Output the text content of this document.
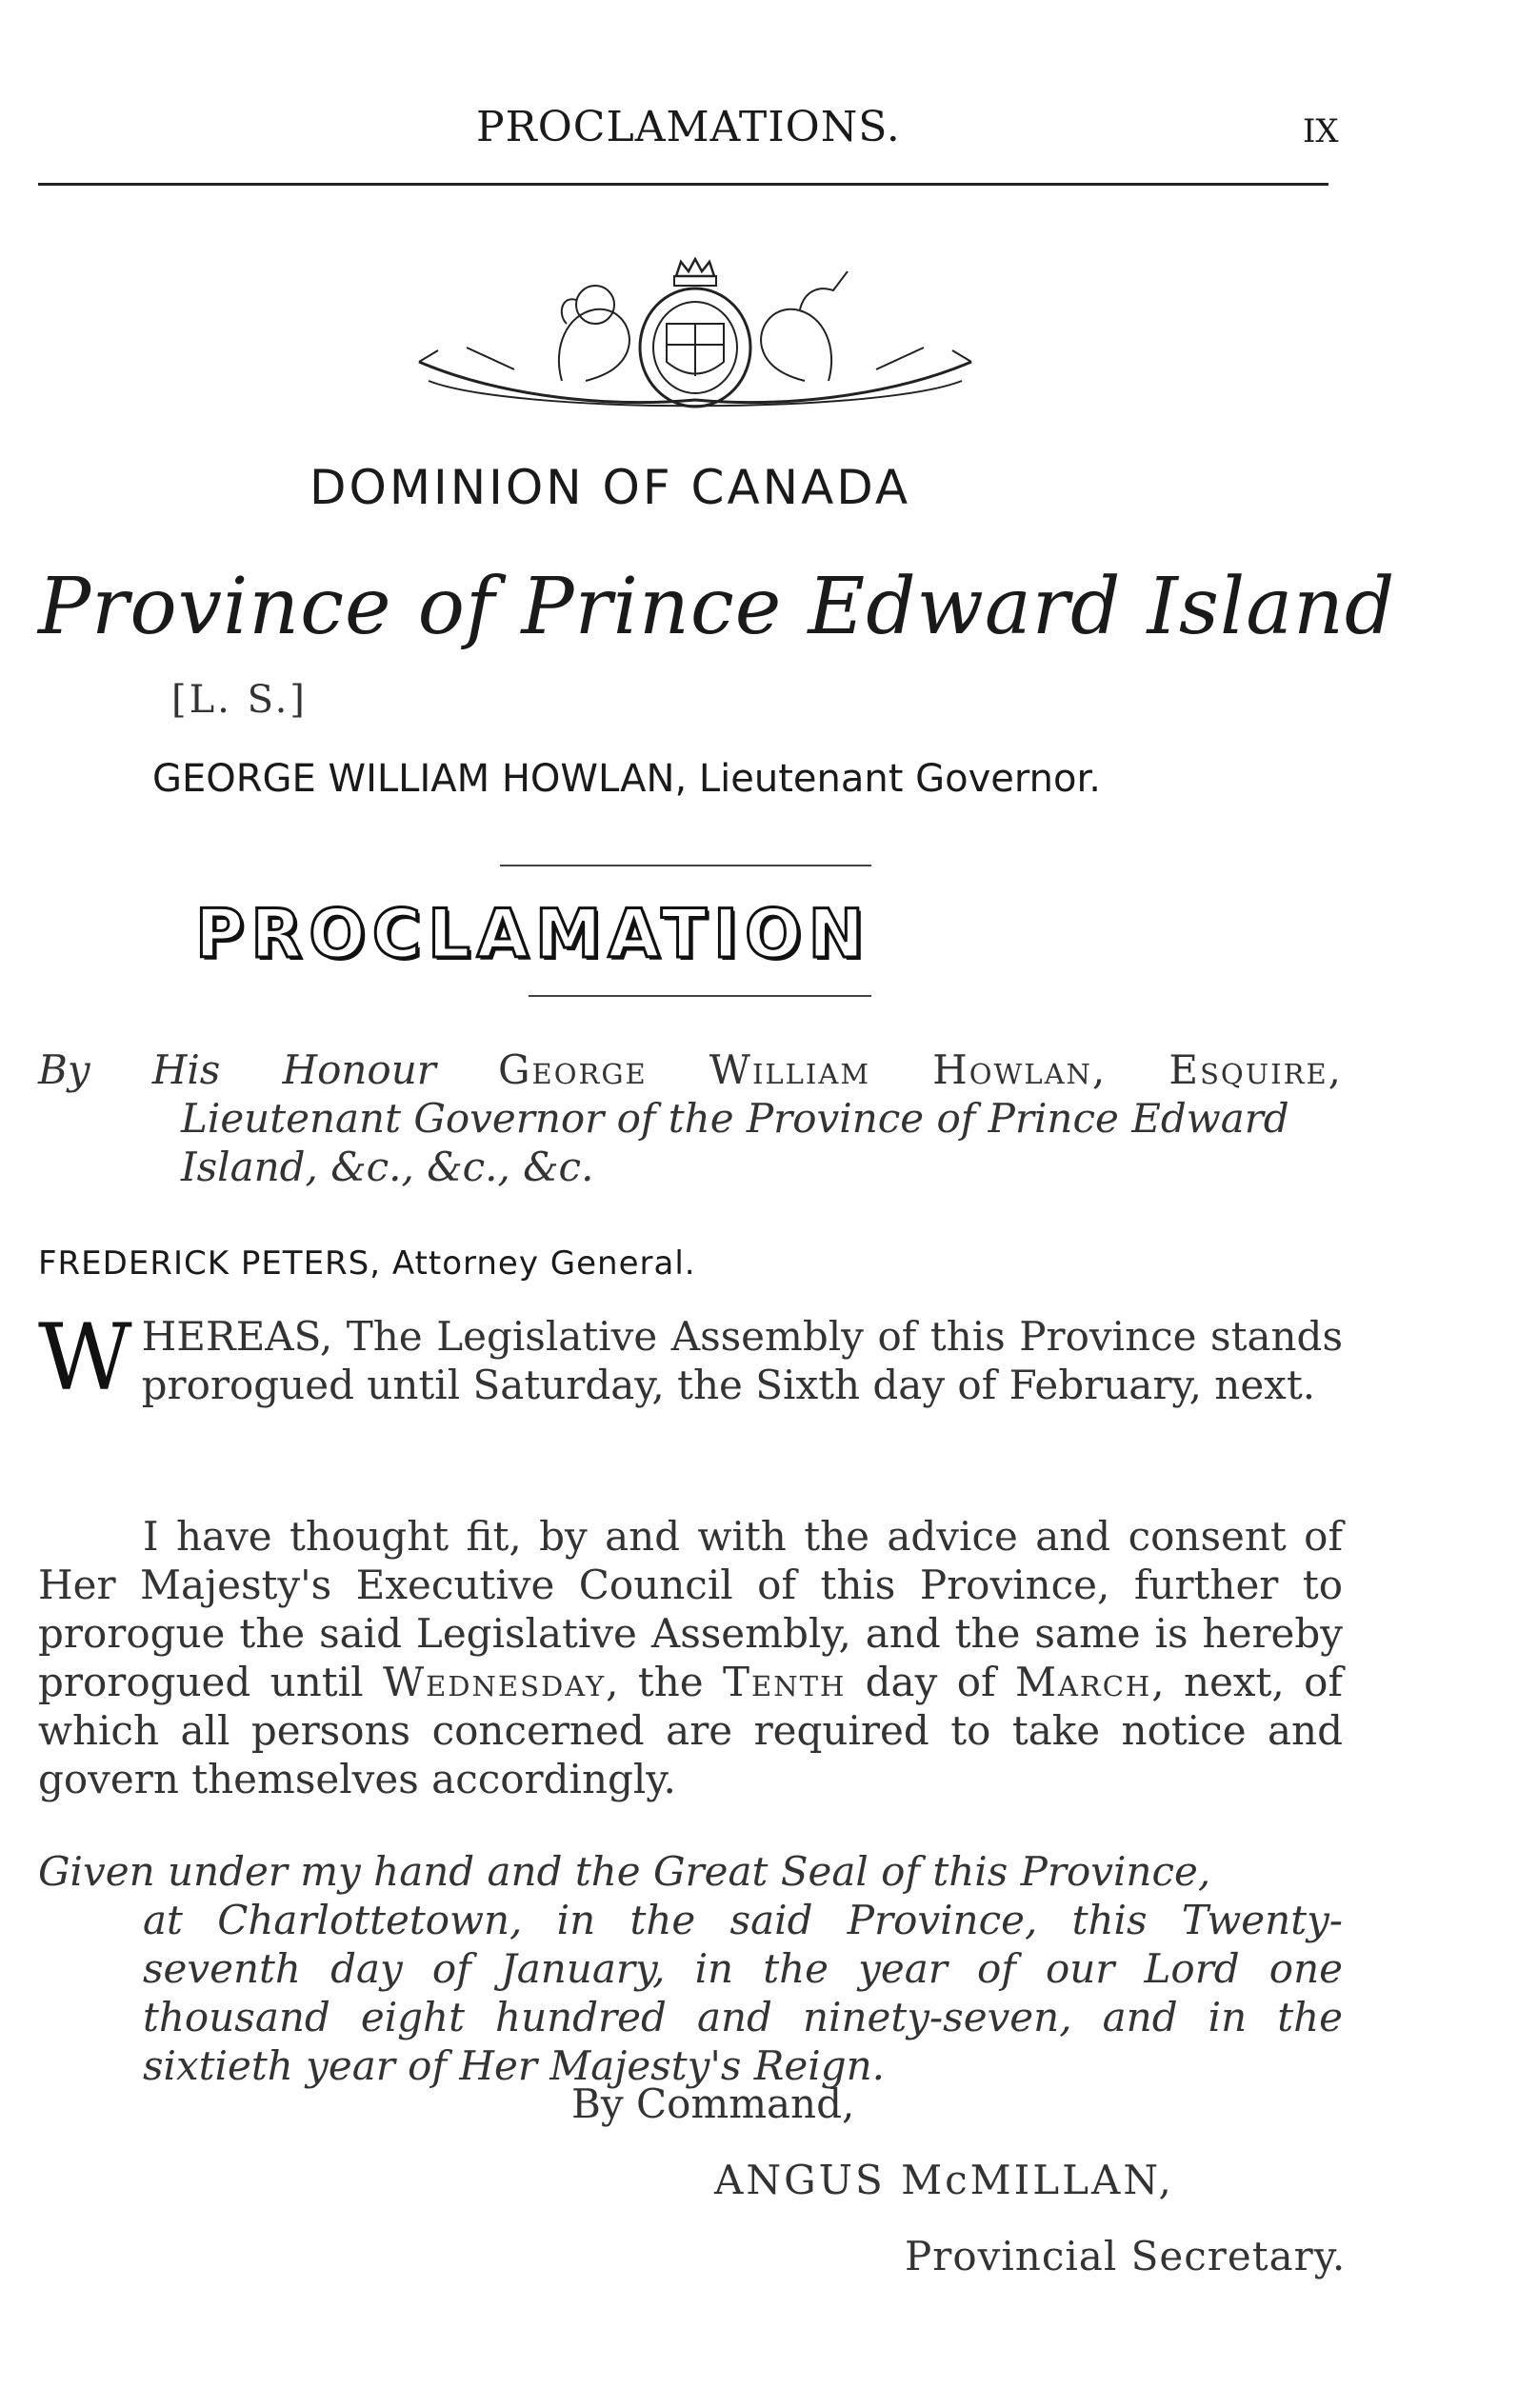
PROCLAMATIONS.	IX
DOMINION OF CANADA
Province of Prince Edward Island
[L. S.]
GEORGE WILLIAM HOWLAN, Lieutenant Governor.
PROCLAMATION
By His Honour George William Howlan, Esquire,
Lieutenant Governor of the Province of Prince Edward
Island, &c., &c., &c.
FREDERICK PETERS, Attorney General.
WHEREAS, The Legislative Assembly of this Province stands prorogued until Saturday, the Sixth day of February, next.
I have thought fit, by and with the advice and consent of Her Majesty's Executive Council of this Province, further to prorogue the said Legislative Assembly, and the same is hereby prorogued until Wednesday, the Tenth day of March, next, of which all persons concerned are required to take notice and govern themselves accordingly.
Given under my hand and the Great Seal of this Province,
at Charlottetown, in the said Province, this Twenty-seventh day of January, in the year of our Lord one thousand eight hundred and ninety-seven, and in the sixtieth year of Her Majesty's Reign.
By Command,
ANGUS McMILLAN,
Provincial Secretary.
